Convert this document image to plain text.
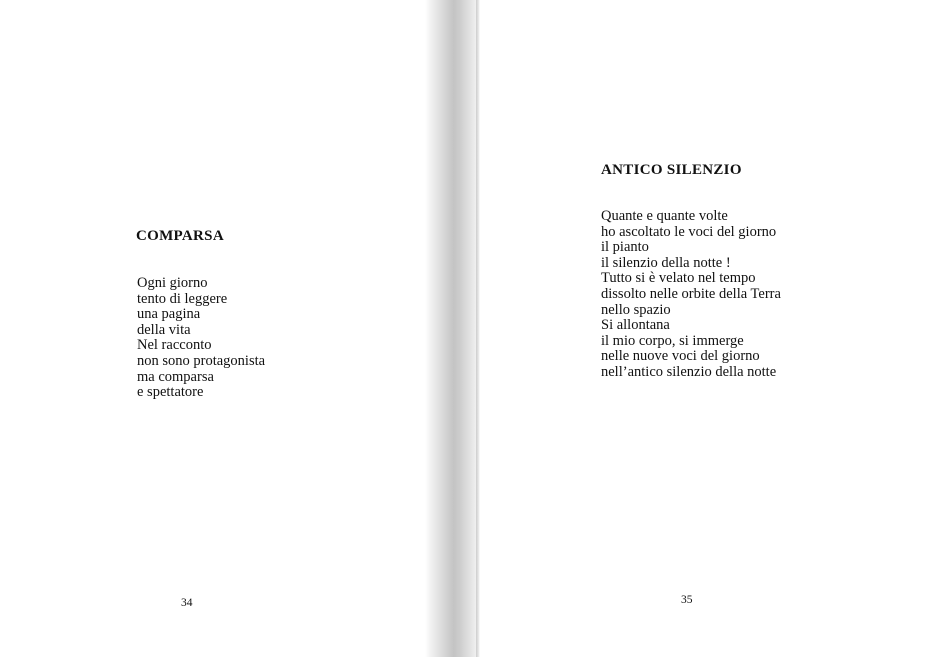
COMPARSA
Ogni giorno
tento di leggere
una pagina
della vita
Nel racconto
non sono protagonista
ma comparsa
e spettatore

34

ANTICO SILENZIO
Quante e quante volte
ho ascoltato le voci del giorno
il pianto
il silenzio della notte !
Tutto si è velato nel tempo
dissolto nelle orbite della Terra
nello spazio
Si allontana
il mio corpo, si immerge
nelle nuove voci del giorno
nell’antico silenzio della notte

35
